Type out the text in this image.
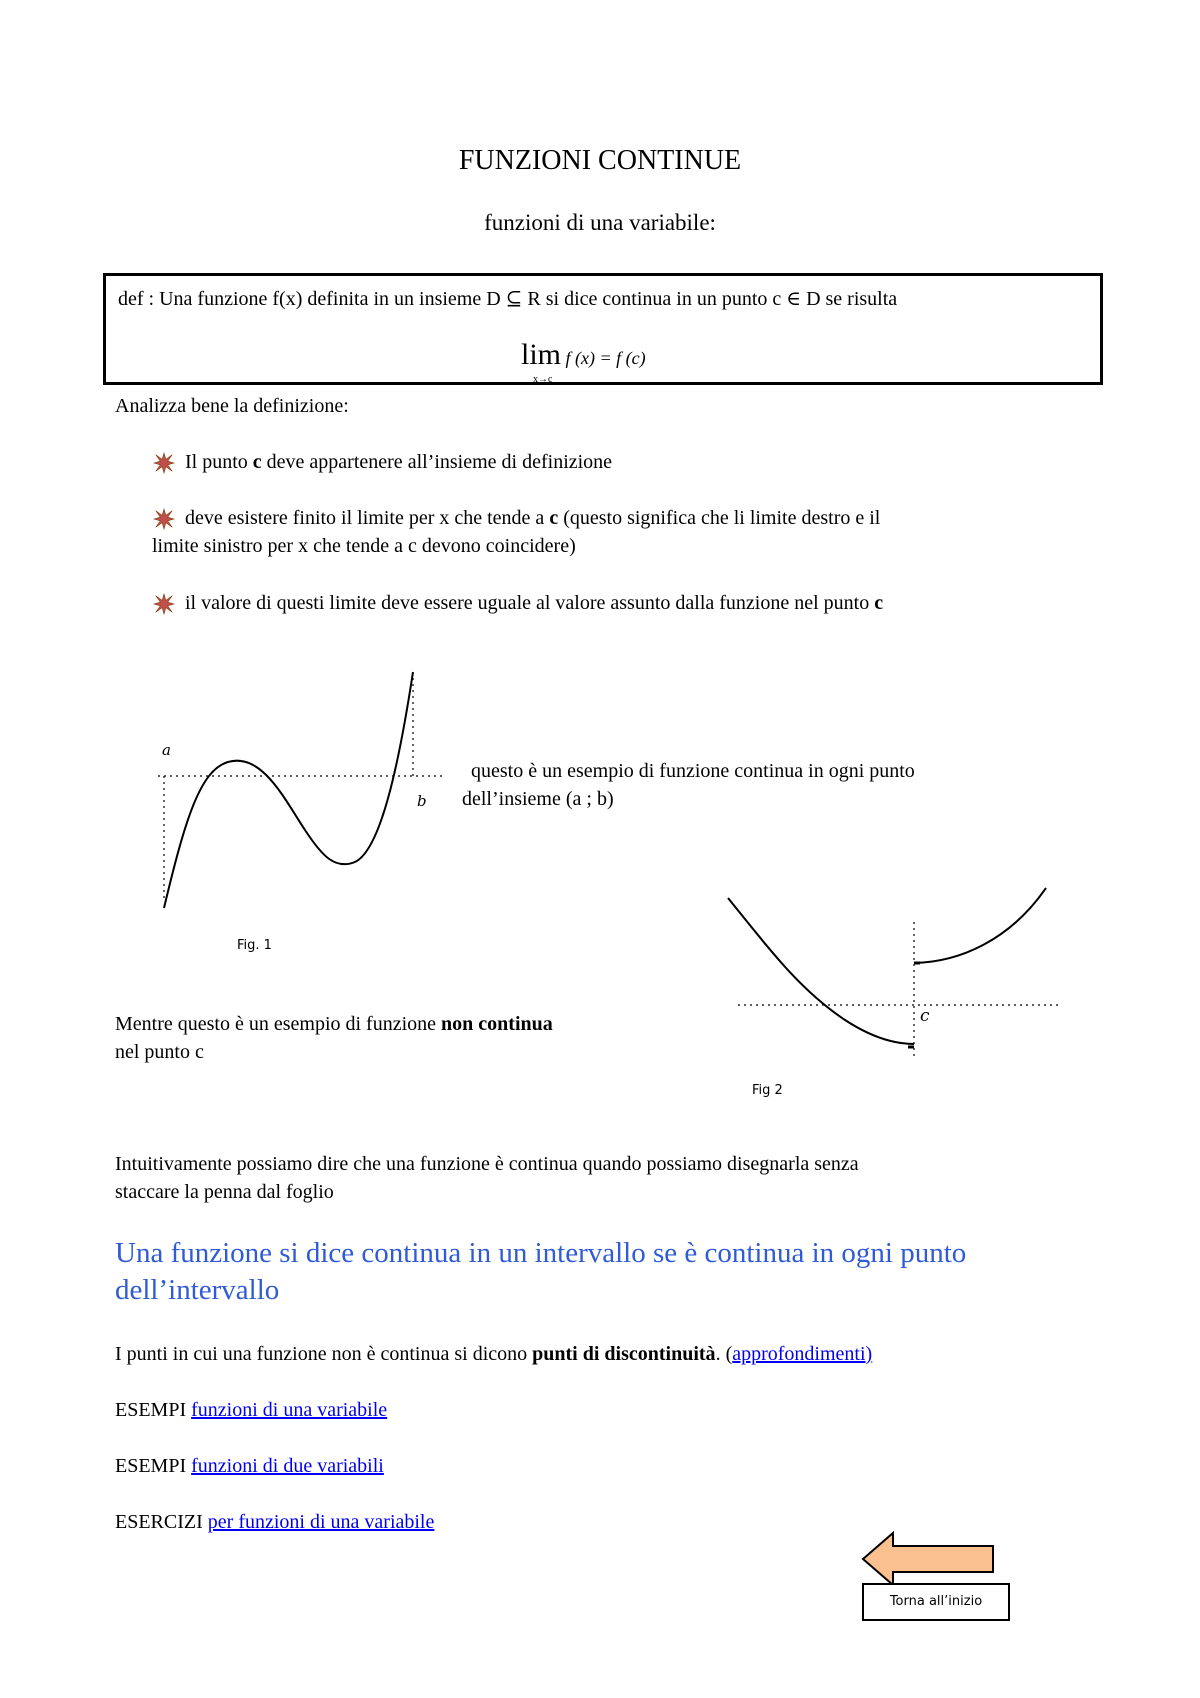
FUNZIONI CONTINUE
funzioni di una variabile:
def : Una funzione f(x) definita in un insieme D ⊆ R si dice continua in un punto c ∈ D se risulta
lim
x→c
f (x) = f (c)
Analizza bene la definizione:
Il punto c deve appartenere all’insieme di definizione
deve esistere finito il limite per x che tende a c (questo significa che li limite destro e il
limite sinistro per x che tende a c devono coincidere)
il valore di questi limite deve essere uguale al valore assunto dalla funzione nel punto c
a
b
Fig. 1
questo è un esempio di funzione continua in ogni punto
dell’insieme (a ; b)
c
Fig 2
Mentre questo è un esempio di funzione non continua
nel punto c
Intuitivamente possiamo dire che una funzione è continua quando possiamo disegnarla senza
staccare la penna dal foglio
Una funzione si dice continua in un intervallo se è continua in ogni punto
dell’intervallo
I punti in cui una funzione non è continua si dicono punti di discontinuità. (approfondimenti)
ESEMPI funzioni di una variabile
ESEMPI funzioni di due variabili
ESERCIZI per funzioni di una variabile
Torna all’inizio
